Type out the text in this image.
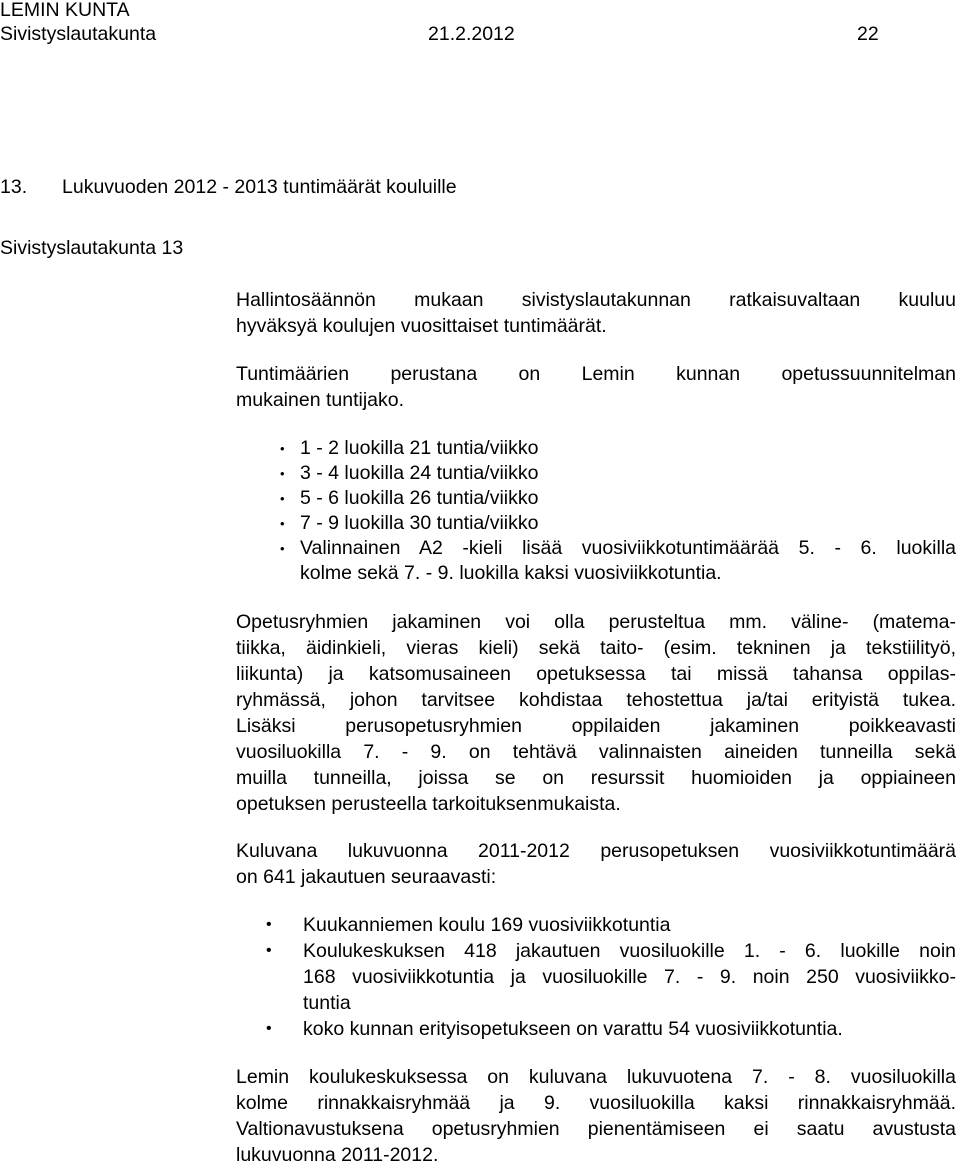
LEMIN KUNTA
Sivistyslautakunta	21.2.2012	22
13. Lukuvuoden 2012 - 2013 tuntimäärät kouluille
Sivistyslautakunta 13
Hallintosäännön mukaan sivistyslautakunnan ratkaisuvaltaan kuuluu
hyväksyä koulujen vuosittaiset tuntimäärät.
Tuntimäärien perustana on Lemin kunnan opetussuunnitelman
mukainen tuntijako.
• 1 - 2 luokilla 21 tuntia/viikko
• 3 - 4 luokilla 24 tuntia/viikko
• 5 - 6 luokilla 26 tuntia/viikko
• 7 - 9 luokilla 30 tuntia/viikko
• Valinnainen A2 -kieli lisää vuosiviikkotuntimäärää 5. - 6. luokilla
kolme sekä 7. - 9. luokilla kaksi vuosiviikkotuntia.
Opetusryhmien jakaminen voi olla perusteltua mm. väline- (matema-
tiikka, äidinkieli, vieras kieli) sekä taito- (esim. tekninen ja tekstiilityö,
liikunta) ja katsomusaineen opetuksessa tai missä tahansa oppilas-
ryhmässä, johon tarvitsee kohdistaa tehostettua ja/tai erityistä tukea.
Lisäksi perusopetusryhmien oppilaiden jakaminen poikkeavasti
vuosiluokilla 7. - 9. on tehtävä valinnaisten aineiden tunneilla sekä
muilla tunneilla, joissa se on resurssit huomioiden ja oppiaineen
opetuksen perusteella tarkoituksenmukaista.
Kuluvana lukuvuonna 2011-2012 perusopetuksen vuosiviikkotuntimäärä
on 641 jakautuen seuraavasti:
• Kuukanniemen koulu 169 vuosiviikkotuntia
• Koulukeskuksen 418 jakautuen vuosiluokille 1. - 6. luokille noin
168 vuosiviikkotuntia ja vuosiluokille 7. - 9. noin 250 vuosiviikko-
tuntia
• koko kunnan erityisopetukseen on varattu 54 vuosiviikkotuntia.
Lemin koulukeskuksessa on kuluvana lukuvuotena 7. - 8. vuosiluokilla
kolme rinnakkaisryhmää ja 9. vuosiluokilla kaksi rinnakkaisryhmää.
Valtionavustuksena opetusryhmien pienentämiseen ei saatu avustusta
lukuvuonna 2011-2012.
